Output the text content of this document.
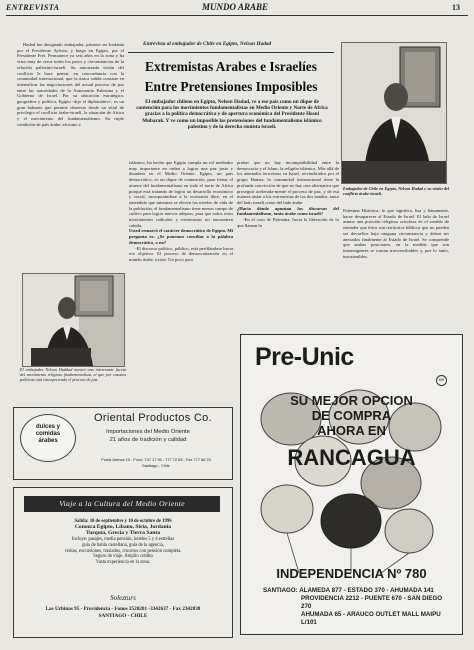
ENTREVISTA	MUNDO ARABE	13

Hadad fue designado embajador, primero en Jordania por el Presidente Aylwin, y luego en Egipto, por el Presidente Frei. Permanece ya seis años en la zona y ha visto muy de cerca todos los pasos y circunstancias de la relación palestino-israelí. Su autorizada visión del conflicto le hace pensar, en concordancia con la comunidad internacional, que la única salida consiste en intensificar las negociaciones del actual proceso de paz entre las autoridades de la Autonomía Palestina y el Gobierno de Israel. Por su ubicación estratégica, geográfica y política, Egipto -dijo el diplomático-, es un gran baluarte que permite observar desde un sitial de privilegio el conflicto árabe-israelí, la situación de Africa y el movimiento del fundamentalismo. Su triple condición de país árabe, africano e

El embajador Nelson Haddad mostró una interesante faceta del movimiento religioso fundamentalista, el que por razones políticas está entorpeciendo el proceso de paz.
Entrevista al embajador de Chile en Egipto, Nelson Hadad
Extremistas Arabes e Israelíes
Entre Pretensiones Imposibles
El embajador chileno en Egipto, Nelson Hadad, ve a ese país como un dique de contención para los movimientos fundamentalistas en Medio Oriente y Norte de Africa gracias a la política democrática y de apertura económica del Presidente Hosni Mubarak. Y ve como un imposible las pretensiones del fundamentalismo islámico palestino y de la derecha sionista israelí.

islámico, ha hecho que Egipto cumpla un rol mediador muy importante en orden a lograr una paz justa y duradera en el Medio Oriente. Egipto, un país democrático, es un dique de contención, para frenar el avance del fundamentalismo en todo el norte de Africa porque está tratando de lograr un desarrollo económico y social, incorporándose a la economía libre, en el entendido que mientras se eleven los niveles de vida de la población, el fundamentalismo tiene menos campo de cultivo para lograr nuevos adeptos, para que todos estos movimientos radicales y extremistas no encuentren cabida.

Usted remarcó el carácter democrático de Egipto. Mi pregunta es: ¿Se ponemos conciliar a la palabra democrático, o no?

-El discurso político, público, está perfilándose hacia ese objetivo. El proceso de democratización en el mundo árabe, existe. Un poco para

probar que no hay incompatibilidad entre la democracia y el Islam, la religión islámica. Más allá de los atentados terroristas en Israel, reivindicados por el grupo Hamas, la comunidad internacional tiene la profunda convicción de que no hay otra alternativa que proseguir acelerada-mente el proceso de paz, y de esa manera aislar a los extremistas de los dos bandos, tanto del lado israelí como del lado árabe.

¿Hacia dónde apuntan los discursos del fundamentalismo, tanto árabe como israelí?

-En el caso de Palestina, hacia la liberación de lo que llaman la

Embajador de Chile en Egipto, Nelson Hadad y su visión del conflicto árabe-israelí.

Palestina Histórica, lo que significa, lisa y llanamente, hacer desaparecer al Estado de Israel. El lado de Israel asume una posición religiosa ortodoxa en el sentido de entender que éstos son territorios bíblicos que no pueden ser devueltos bajo ninguna circunstancia y deben ser anexados finalmente al Estado de Israel. Se comprende que ambas posiciones, en la medida que son intransigentes se tornan irreconciliables y, por lo tanto, insostenibles.

dulces y comidas árabes
Oriental Productos Co.
Importaciones del Medio Oriente
21 años de tradición y calidad
Punta Arenas 10 - Fono: 737 17 99 - 777 72 65 - Fax 777 66 23
Santiago - Chile
Viaje a la Cultura del Medio Oriente
Salida: 10 de septiembre y 10 de octubre de 1996
Conozca Egipto, Líbano, Siria, Jordania
Turquía, Grecia y Tierra Santa
Incluye: pasajes, media pensión, hoteles 5 y 4 estrellas
guía de habla castellana, guía de la agencia,
visitas, excursiones, traslados, cruceros con pensión completa.
Seguro de viaje. Amplio crédito
Vasta experiencia en la zona.
Solezturs
Las Urbinas 95 - Providencia - Fonos 2520201 -3342637 - Fax 2342838
SANTIAGO - CHILE
Pre-Unic
MR
SU MEJOR OPCION
DE COMPRA
AHORA EN
RANCAGUA
INDEPENDENCIA Nº 780
SANTIAGO: ALAMEDA 877 - ESTADO 370 - AHUMADA 141
PROVIDENCIA 2212 - PUENTE 670 - SAN DIEGO 270
AHUMADA 65 - ARAUCO OUTLET MALL MAIPU L/101
